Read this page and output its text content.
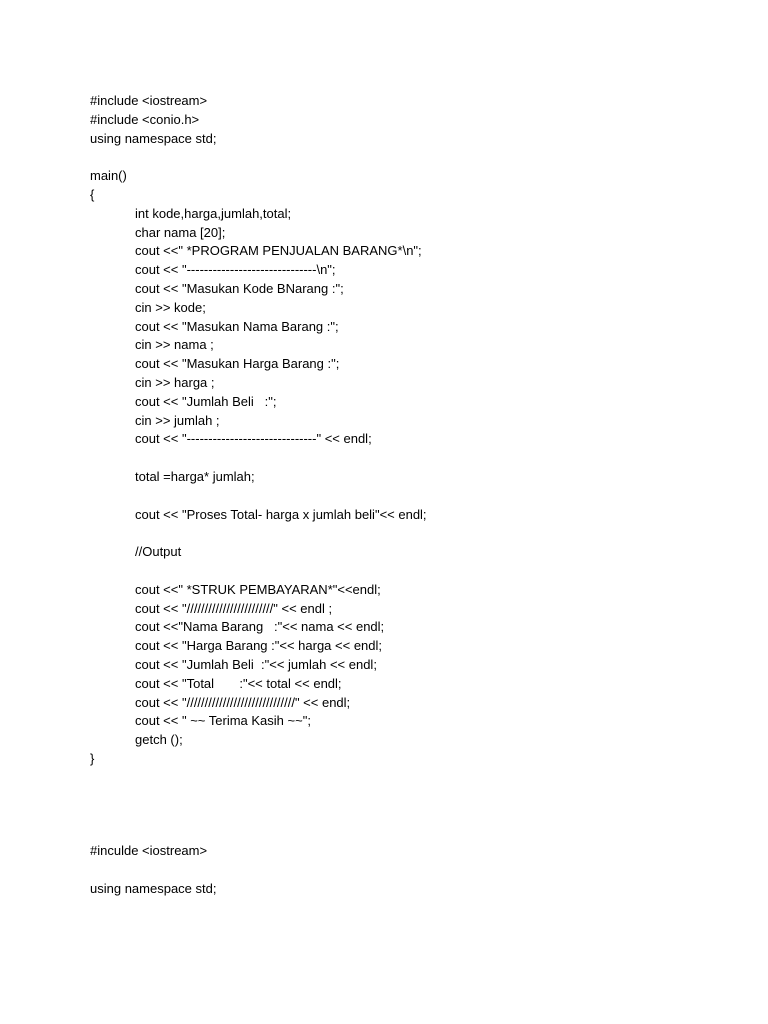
#include <iostream>
#include <conio.h>
using namespace std;
main()
{
int kode,harga,jumlah,total;
char nama [20];
cout <<" *PROGRAM PENJUALAN BARANG*\n";
cout << "------------------------------\n";
cout << "Masukan Kode BNarang :";
cin >> kode;
cout << "Masukan Nama Barang :";
cin >> nama ;
cout << "Masukan Harga Barang :";
cin >> harga ;
cout << "Jumlah Beli   :";
cin >> jumlah ;
cout << "------------------------------" << endl;
total =harga* jumlah;
cout << "Proses Total- harga x jumlah beli"<< endl;
//Output
cout <<" *STRUK PEMBAYARAN*"<<endl;
cout << "////////////////////////" << endl ;
cout <<"Nama Barang   :"<< nama << endl;
cout << "Harga Barang :"<< harga << endl;
cout << "Jumlah Beli  :"<< jumlah << endl;
cout << "Total       :"<< total << endl;
cout << "//////////////////////////////" << endl;
cout << " ~~ Terima Kasih ~~";
getch ();
}
#inculde <iostream>
using namespace std;
